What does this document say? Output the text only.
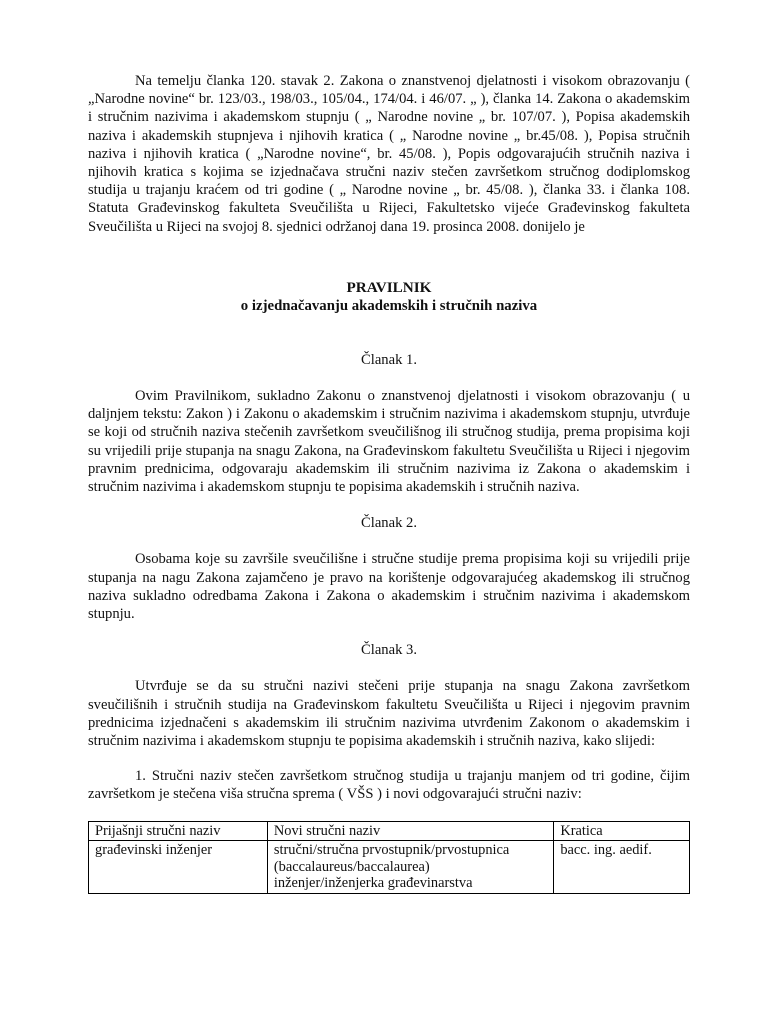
Na temelju članka 120. stavak 2. Zakona o znanstvenoj djelatnosti i visokom obrazovanju ( „Narodne novine“ br. 123/03., 198/03., 105/04., 174/04. i 46/07. „ ), članka 14. Zakona o akademskim i stručnim nazivima i akademskom stupnju ( „ Narodne novine „ br. 107/07. ), Popisa akademskih naziva i akademskih stupnjeva i njihovih kratica ( „ Narodne novine „ br.45/08. ), Popisa stručnih naziva i njihovih kratica ( „Narodne novine“, br. 45/08. ), Popis odgovarajućih stručnih naziva i njihovih kratica s kojima se izjednačava stručni naziv stečen završetkom stručnog dodiplomskog studija u trajanju kraćem od tri godine ( „ Narodne novine „ br. 45/08. ), članka 33. i članka 108. Statuta Građevinskog fakulteta Sveučilišta u Rijeci, Fakultetsko vijeće Građevinskog fakulteta Sveučilišta u Rijeci na svojoj 8. sjednici održanoj dana 19. prosinca 2008. donijelo je

PRAVILNIK
o izjednačavanju akademskih i stručnih naziva

Članak 1.

Ovim Pravilnikom, sukladno Zakonu o znanstvenoj djelatnosti i visokom obrazovanju ( u daljnjem tekstu: Zakon ) i Zakonu o akademskim i stručnim nazivima i akademskom stupnju, utvrđuje se koji od stručnih naziva stečenih završetkom sveučilišnog ili stručnog studija, prema propisima koji su vrijedili prije stupanja na snagu Zakona, na Građevinskom fakultetu Sveučilišta u Rijeci i njegovim pravnim prednicima, odgovaraju akademskim ili stručnim nazivima iz Zakona o akademskim i stručnim nazivima i akademskom stupnju te popisima akademskih i stručnih naziva.

Članak 2.

Osobama koje su završile sveučilišne i stručne studije prema propisima koji su vrijedili prije stupanja na nagu Zakona zajamčeno je pravo na korištenje odgovarajućeg akademskog ili stručnog naziva sukladno odredbama Zakona i Zakona o akademskim i stručnim nazivima i akademskom stupnju.

Članak 3.

Utvrđuje se da su stručni nazivi stečeni prije stupanja na snagu Zakona završetkom sveučilišnih i stručnih studija na Građevinskom fakultetu Sveučilišta u Rijeci i njegovim pravnim prednicima izjednačeni s akademskim ili stručnim nazivima utvrđenim Zakonom o akademskim i stručnim nazivima i akademskom stupnju te popisima akademskih i stručnih naziva, kako slijedi:

1. Stručni naziv stečen završetkom stručnog studija u trajanju manjem od tri godine, čijim završetkom je stečena viša stručna sprema ( VŠS ) i novi odgovarajući stručni naziv:

Prijašnji stručni naziv	Novi stručni naziv	Kratica
građevinski inženjer	stručni/stručna prvostupnik/prvostupnica
(baccalaureus/baccalaurea)
inženjer/inženjerka građevinarstva	bacc. ing. aedif.
